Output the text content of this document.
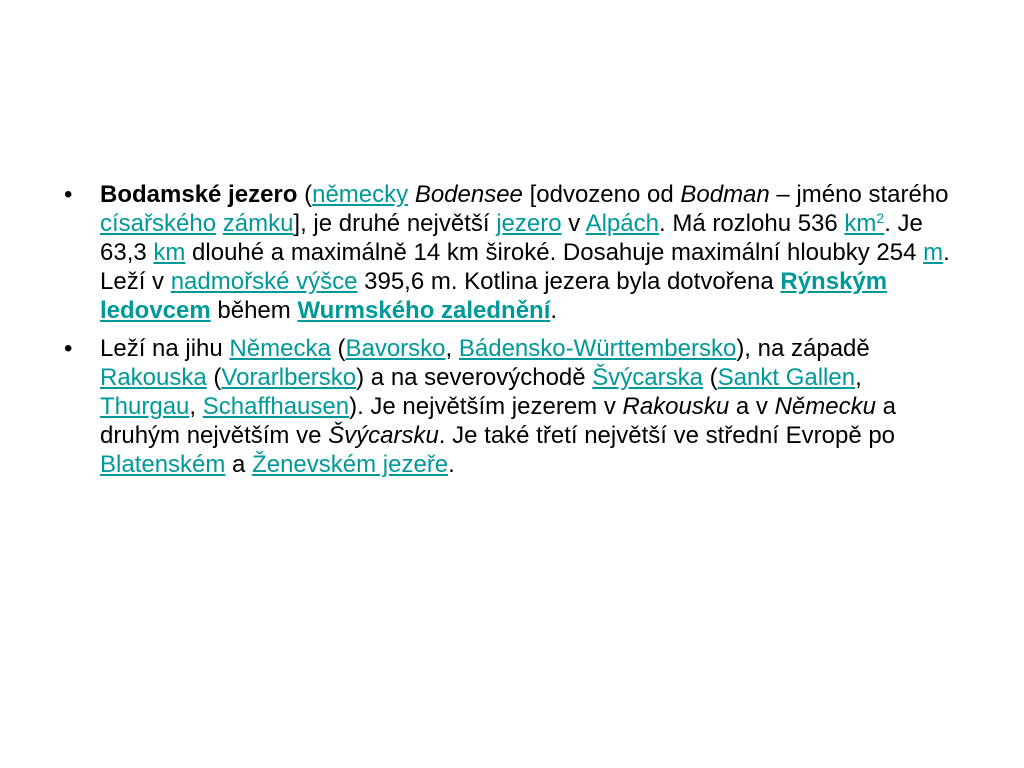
• Bodamské jezero (německy Bodensee [odvozeno od Bodman – jméno starého císařského zámku], je druhé největší jezero v Alpách. Má rozlohu 536 $km^2$. Je 63,3 km dlouhé a maximálně 14 km široké. Dosahuje maximální hloubky 254 m. Leží v nadmořské výšce 395,6 m. Kotlina jezera byla dotvořena Rýnským ledovcem během Wurmského zalednění.
• Leží na jihu Německa (Bavorsko, Bádensko-Württembersko), na západě Rakouska (Vorarlbersko) a na severovýchodě Švýcarska (Sankt Gallen, Thurgau, Schaffhausen). Je největším jezerem v Rakousku a v Německu a druhým největším ve Švýcarsku. Je také třetí největší ve střední Evropě po Blatenském a Ženevském jezeře.
